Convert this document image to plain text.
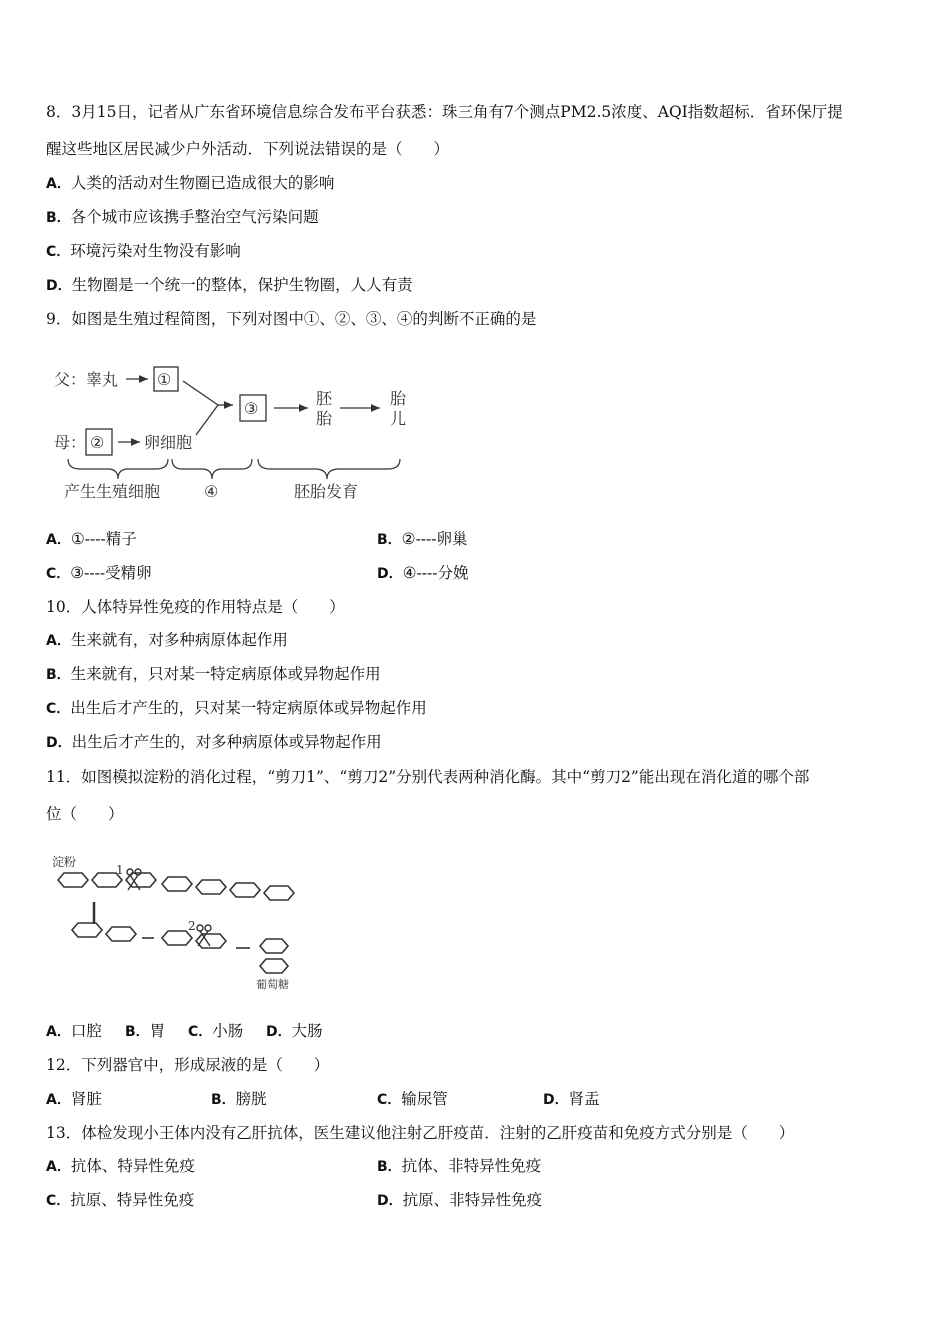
8．3月15日，记者从广东省环境信息综合发布平台获悉：珠三角有7个测点PM2.5浓度、AQI指数超标．省环保厅提
醒这些地区居民减少户外活动．下列说法错误的是（　　）
A．人类的活动对生物圈已造成很大的影响
B．各个城市应该携手整治空气污染问题
C．环境污染对生物没有影响
D．生物圈是一个统一的整体，保护生物圈，人人有责
9．如图是生殖过程简图，下列对图中①、②、③、④的判断不正确的是
父：睾丸 ①
母： ② 卵细胞
③
胚
胎
胎
儿
产生生殖细胞	④	胚胎发育
A．①----精子	B．②----卵巢
C．③----受精卵	D．④----分娩
10．人体特异性免疫的作用特点是（　　）
A．生来就有，对多种病原体起作用
B．生来就有，只对某一特定病原体或异物起作用
C．出生后才产生的，只对某一特定病原体或异物起作用
D．出生后才产生的，对多种病原体或异物起作用
11．如图模拟淀粉的消化过程，“剪刀1”、“剪刀2”分别代表两种消化酶。其中“剪刀2”能出现在消化道的哪个部
位（　　）
淀粉
1
2
葡萄糖
A．口腔 B．胃 C．小肠 D．大肠
12．下列器官中，形成尿液的是（　　）
A．肾脏	B．膀胱	C．输尿管	D．肾盂
13．体检发现小王体内没有乙肝抗体，医生建议他注射乙肝疫苗．注射的乙肝疫苗和免疫方式分别是（　　）
A．抗体、特异性免疫	B．抗体、非特异性免疫
C．抗原、特异性免疫	D．抗原、非特异性免疫
